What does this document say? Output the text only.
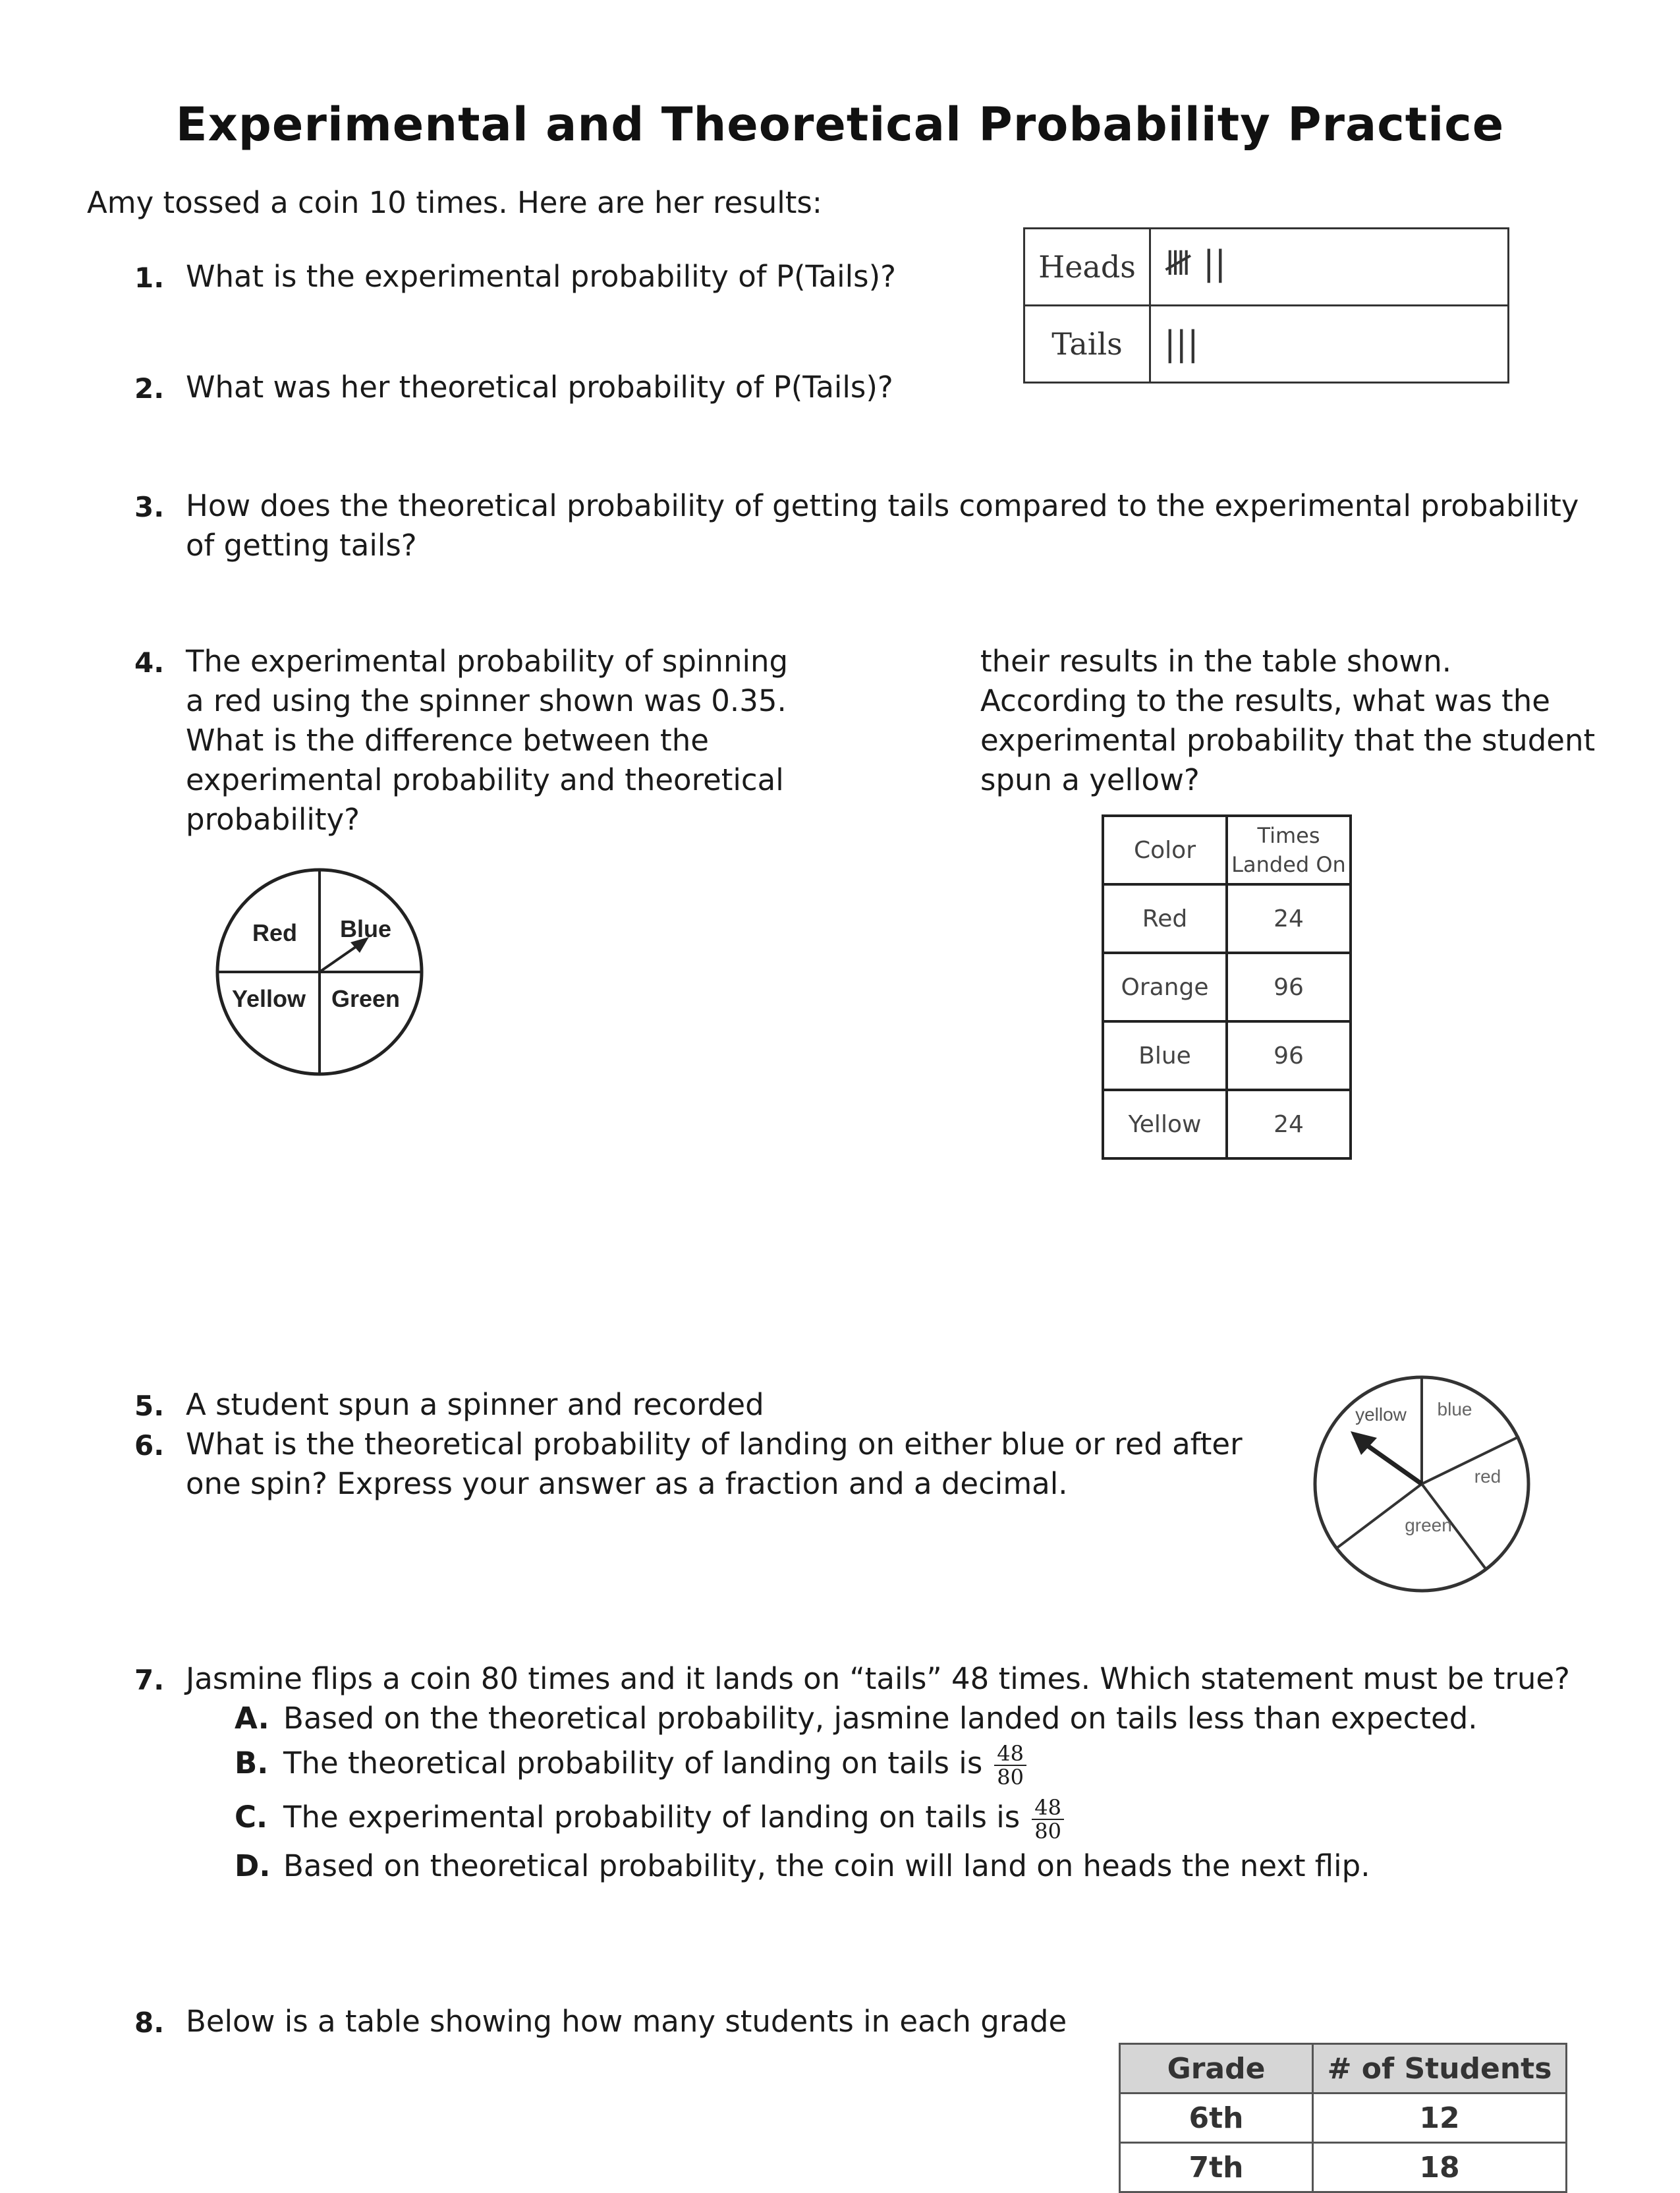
Experimental and Theoretical Probability Practice
Amy tossed a coin 10 times. Here are her results:
1. What is the experimental probability of P(Tails)?
2. What was her theoretical probability of P(Tails)?
Heads	𝍸 ||
Tails	|||
3. How does the theoretical probability of getting tails compared to the experimental probability
of getting tails?
4. The experimental probability of spinning
a red using the spinner shown was 0.35.
What is the difference between the
experimental probability and theoretical
probability?
Red Blue
Yellow Green
their results in the table shown.
According to the results, what was the
experimental probability that the student
spun a yellow?
Color	Times
Landed On
Red	24
Orange	96
Blue	96
Yellow	24
5. A student spun a spinner and recorded
6. What is the theoretical probability of landing on either blue or red after
one spin? Express your answer as a fraction and a decimal.
yellow blue
red
green
7. Jasmine flips a coin 80 times and it lands on “tails” 48 times. Which statement must be true?
A. Based on the theoretical probability, jasmine landed on tails less than expected.
B. The theoretical probability of landing on tails is $\frac{48}{80}$
C. The experimental probability of landing on tails is $\frac{48}{80}$
D. Based on theoretical probability, the coin will land on heads the next flip.
8. Below is a table showing how many students in each grade
Grade	# of Students
6th	12
7th	18
